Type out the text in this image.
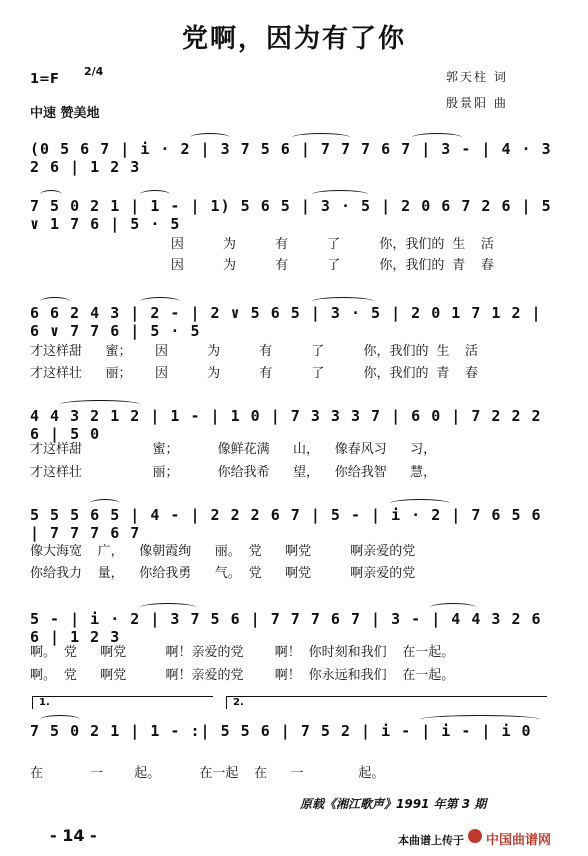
党啊，因为有了你
1=F
2/4
中速 赞美地
郭天柱 词
殷景阳 曲
(0 5 6 7 | i · 2 | 3 7 5 6 | 7 7 7 6 7 | 3 - | 4 · 3 2 6 | 1 2 3
7 5 0 2 1 | 1 - | 1) 5 6 5 | 3 · 5 | 2 0 6 7 2 6 | 5 ∨ 1 7 6 | 5 · 5
因     为     有     了     你，我们的 生  活
因     为     有     了     你，我们的 青  春
6 6 2 4 3 | 2 - | 2 ∨ 5 6 5 | 3 · 5 | 2 0 1 7 1 2 | 6 ∨ 7 7 6 | 5 · 5
才这样甜   蜜；   因     为     有     了     你，我们的 生  活
才这样壮   丽；   因     为     有     了     你，我们的 青  春
4 4 3 2 1 2 | 1 - | 1 0 | 7 3 3 3 7 | 6 0 | 7 2 2 2 6 | 5 0
才这样甜         蜜；     像鲜花满   山，  像春风习   习，
才这样壮         丽；     你给我希   望，  你给我智   慧，
5 5 5 6 5 | 4 - | 2 2 2 6 7 | 5 - | i · 2 | 7 6 5 6 | 7 7 7 6 7
像大海宽  广，  像朝霞绚   丽。 党   啊党     啊亲爱的党
你给我力  量，  你给我勇   气。 党   啊党     啊亲爱的党
5 - | i · 2 | 3 7 5 6 | 7 7 7 6 7 | 3 - | 4 4 3 2 6 6 | 1 2 3
啊。 党   啊党     啊！亲爱的党    啊！ 你时刻和我们  在一起。
啊。 党   啊党     啊！亲爱的党    啊！ 你永远和我们  在一起。
1.	2.
7 5 0 2 1 | 1 - :| 5 5 6 | 7 5 2 | i - | i - | i 0
在      一    起。     在一起  在   一       起。
原载《湘江歌声》1991 年第 3 期
- 14 -	本曲谱上传于 中国曲谱网
